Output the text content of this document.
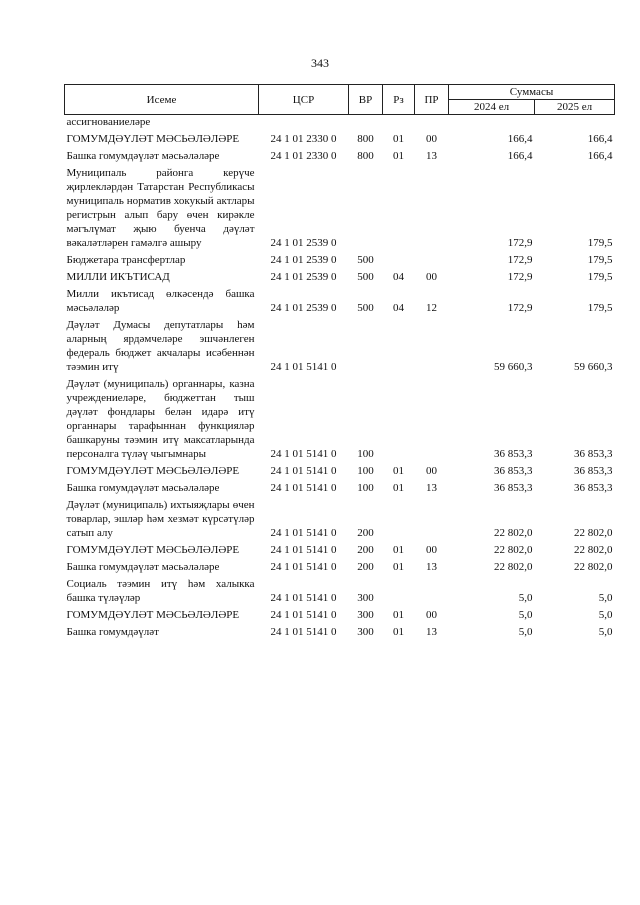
343
Исеме	ЦСР	ВР	Рз	ПР	Суммасы	
					2024 ел	2025 ел
ассигнованиеләре						
ГОМУМДӘҮЛӘТ МӘСЬӘЛӘЛӘРЕ	24 1 01 2330 0	800	01	00	166,4	166,4
Башка гомумдәүләт мәсьәләләре	24 1 01 2330 0	800	01	13	166,4	166,4
Муниципаль районга керүче җирлекләрдән Татарстан Республикасы муниципаль норматив хокукый актлары регистрын алып бару өчен кирәкле мәгълүмат җыю буенча дәүләт вәкаләтләрен гамәлгә ашыру	24 1 01 2539 0				172,9	179,5
Бюджетара трансфертлар	24 1 01 2539 0	500			172,9	179,5
МИЛЛИ ИКЪТИСАД	24 1 01 2539 0	500	04	00	172,9	179,5
Милли икътисад өлкәсендә башка мәсьәләләр	24 1 01 2539 0	500	04	12	172,9	179,5
Дәүләт Думасы депутатлары һәм аларның ярдәмчеләре эшчәнлеген федераль бюджет акчалары исәбеннән тәэмин итү	24 1 01 5141 0				59 660,3	59 660,3
Дәүләт (муниципаль) органнары, казна учреждениеләре, бюджеттан тыш дәүләт фондлары белән идарә итү органнары тарафыннан функцияләр башкаруны тәэмин итү максатларында персоналга түләү чыгымнары	24 1 01 5141 0	100			36 853,3	36 853,3
ГОМУМДӘҮЛӘТ МӘСЬӘЛӘЛӘРЕ	24 1 01 5141 0	100	01	00	36 853,3	36 853,3
Башка гомумдәүләт мәсьәләләре	24 1 01 5141 0	100	01	13	36 853,3	36 853,3
Дәүләт (муниципаль) ихтыяҗлары өчен товарлар, эшләр һәм хезмәт күрсәтүләр сатып алу	24 1 01 5141 0	200			22 802,0	22 802,0
ГОМУМДӘҮЛӘТ МӘСЬӘЛӘЛӘРЕ	24 1 01 5141 0	200	01	00	22 802,0	22 802,0
Башка гомумдәүләт мәсьәләләре	24 1 01 5141 0	200	01	13	22 802,0	22 802,0
Социаль тәэмин итү һәм халыкка башка түләүләр	24 1 01 5141 0	300			5,0	5,0
ГОМУМДӘҮЛӘТ МӘСЬӘЛӘЛӘРЕ	24 1 01 5141 0	300	01	00	5,0	5,0
Башка гомумдәүләт	24 1 01 5141 0	300	01	13	5,0	5,0
